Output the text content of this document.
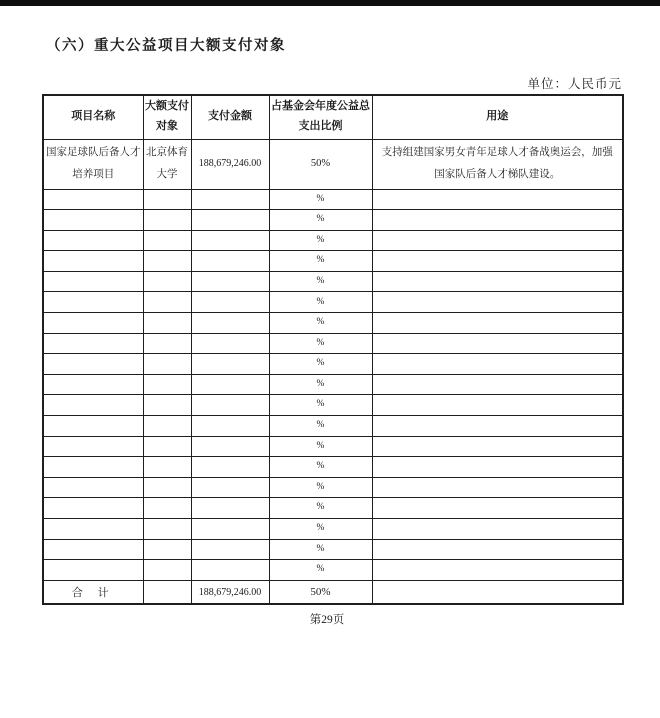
（六）重大公益项目大额支付对象
单位：人民币元
项目名称	大额支付对象	支付金额	占基金会年度公益总支出比例	用途
国家足球队后备人才培养项目	北京体育大学	188,679,246.00	50%	支持组建国家男女青年足球人才备战奥运会，加强国家队后备人才梯队建设。
			%	
			%	
			%	
			%	
			%	
			%	
			%	
			%	
			%	
			%	
			%	
			%	
			%	
			%	
			%	
			%	
			%	
			%	
			%	
合 计		188,679,246.00	50%	
第29页
